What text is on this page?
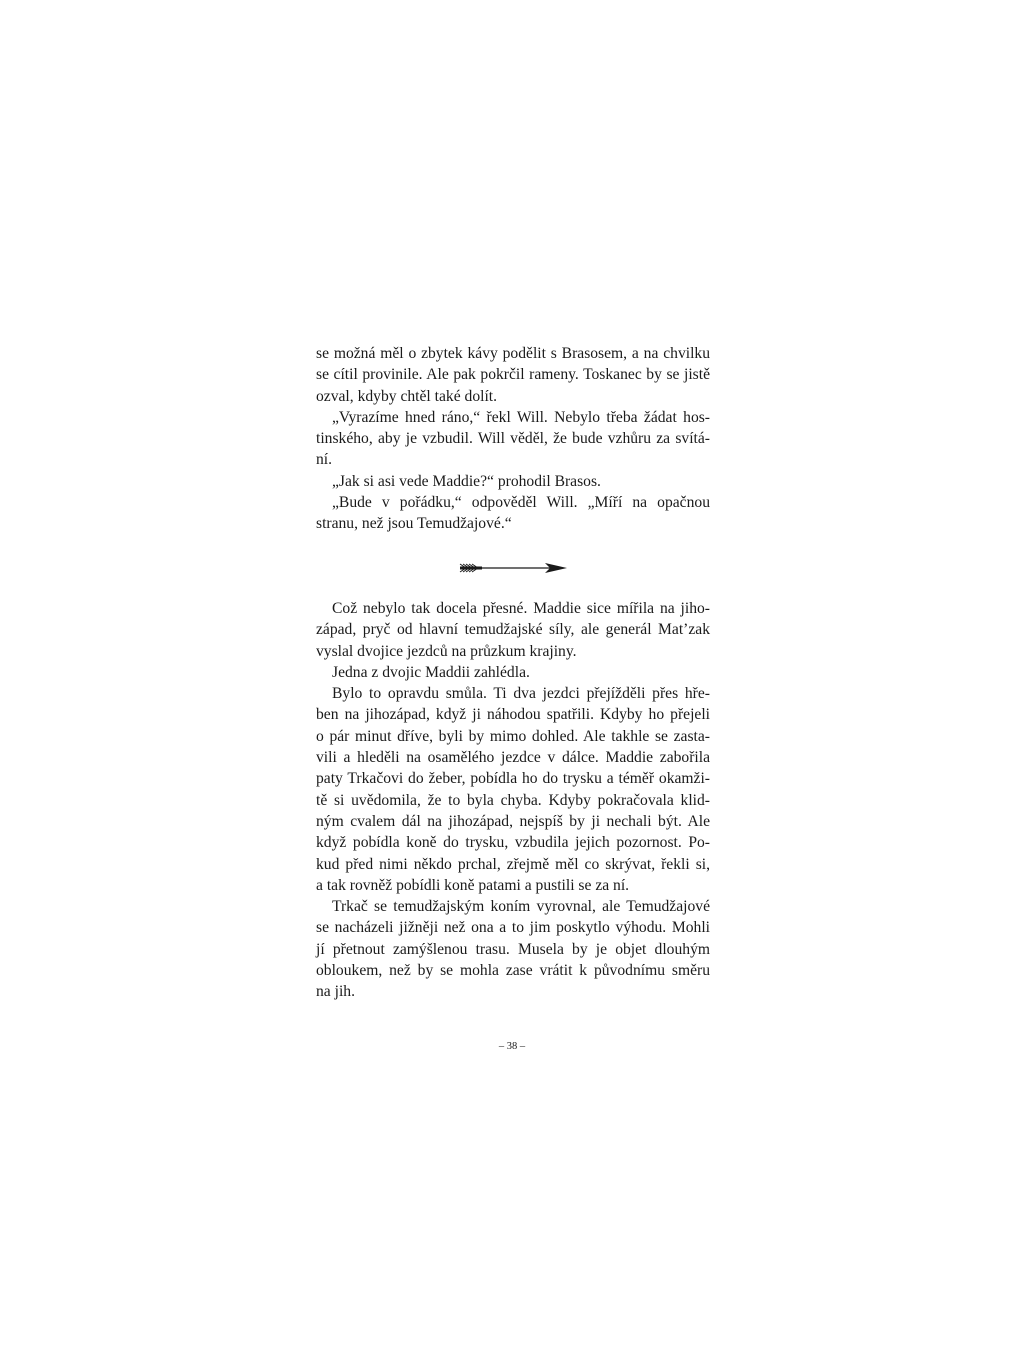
se možná měl o zbytek kávy podělit s Brasosem, a na chvilku
se cítil provinile. Ale pak pokrčil rameny. Toskanec by se jistě
ozval, kdyby chtěl také dolít.
„Vyrazíme hned ráno,“ řekl Will. Nebylo třeba žádat hos-
tinského, aby je vzbudil. Will věděl, že bude vzhůru za svítá-
ní.
„Jak si asi vede Maddie?“ prohodil Brasos.
„Bude v pořádku,“ odpověděl Will. „Míří na opačnou
stranu, než jsou Temudžajové.“
Což nebylo tak docela přesné. Maddie sice mířila na jiho-
západ, pryč od hlavní temudžajské síly, ale generál Mat’zak
vyslal dvojice jezdců na průzkum krajiny.
Jedna z dvojic Maddii zahlédla.
Bylo to opravdu smůla. Ti dva jezdci přejížděli přes hře-
ben na jihozápad, když ji náhodou spatřili. Kdyby ho přejeli
o pár minut dříve, byli by mimo dohled. Ale takhle se zasta-
vili a hleděli na osamělého jezdce v dálce. Maddie zabořila
paty Trkačovi do žeber, pobídla ho do trysku a téměř okamži-
tě si uvědomila, že to byla chyba. Kdyby pokračovala klid-
ným cvalem dál na jihozápad, nejspíš by ji nechali být. Ale
když pobídla koně do trysku, vzbudila jejich pozornost. Po-
kud před nimi někdo prchal, zřejmě měl co skrývat, řekli si,
a tak rovněž pobídli koně patami a pustili se za ní.
Trkač se temudžajským koním vyrovnal, ale Temudžajové
se nacházeli jižněji než ona a to jim poskytlo výhodu. Mohli
jí přetnout zamýšlenou trasu. Musela by je objet dlouhým
obloukem, než by se mohla zase vrátit k původnímu směru
na jih.
– 38 –
